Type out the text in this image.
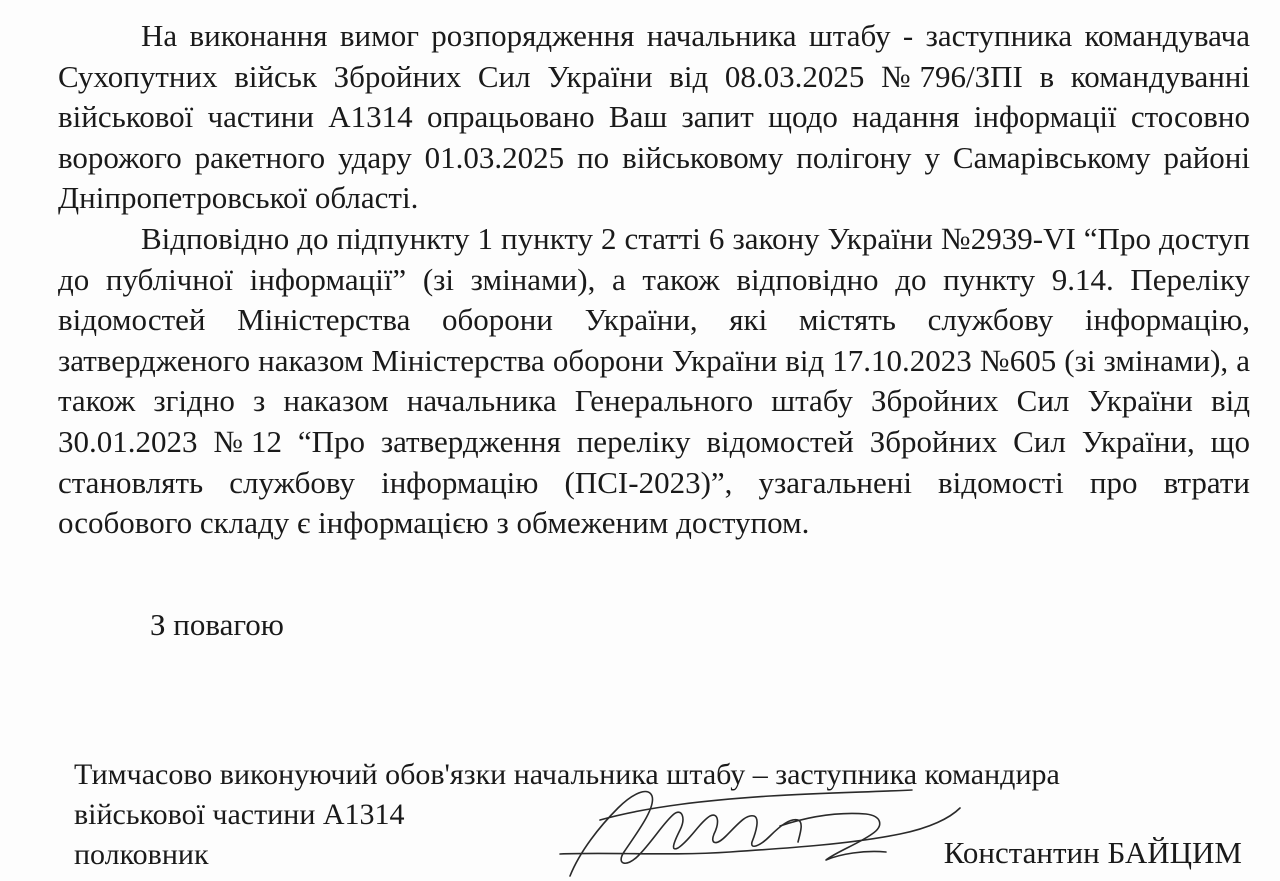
На виконання вимог розпорядження начальника штабу - заступника командувача Сухопутних військ Збройних Сил України від 08.03.2025 №796/ЗПІ в командуванні військової частини А1314 опрацьовано Ваш запит щодо надання інформації стосовно ворожого ракетного удару 01.03.2025 по військовому полігону у Самарівському районі Дніпропетровської області.

Відповідно до підпункту 1 пункту 2 статті 6 закону України №2939-VI “Про доступ до публічної інформації” (зі змінами), а також відповідно до пункту 9.14. Переліку відомостей Міністерства оборони України, які містять службову інформацію, затвердженого наказом Міністерства оборони України від 17.10.2023 №605 (зі змінами), а також згідно з наказом начальника Генерального штабу Збройних Сил України від 30.01.2023 №12 “Про затвердження переліку відомостей Збройних Сил України, що становлять службову інформацію (ПСІ-2023)”, узагальнені відомості про втрати особового складу є інформацією з обмеженим доступом.

З повагою

Тимчасово виконуючий обов'язки начальника штабу – заступника командира

військової частини А1314

полковник	Константин БАЙЦИМ
